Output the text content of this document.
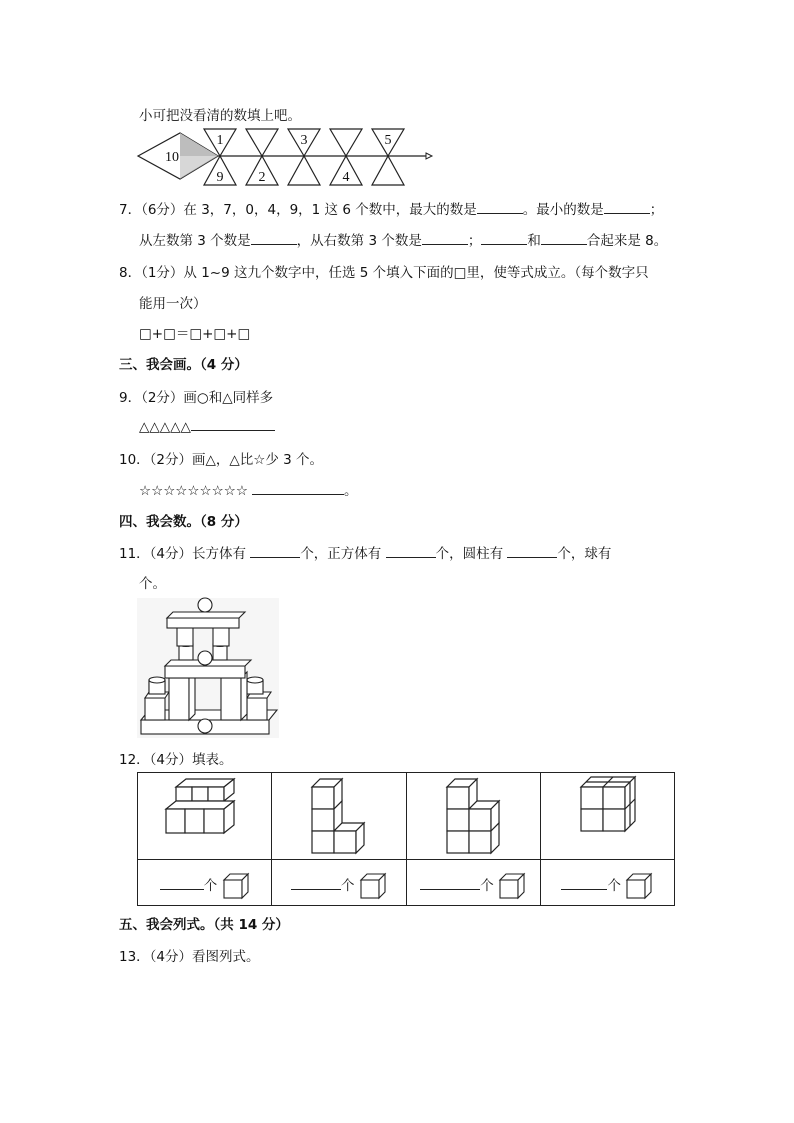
小可把没看清的数填上吧。
10
1	3	5
9	2	4
7．（6分）在 3，7，0，4，9，1 这 6 个数中，最大的数是	。最小的数是	；
从左数第 3 个数是	，从右数第 3 个数是	；	和	合起来是 8。
8．（1分）从 1~9 这九个数字中，任选 5 个填入下面的□里，使等式成立。（每个数字只
能用一次）
□+□＝□+□+□
三、我会画。（4 分）
9．（2分）画○和△同样多
△△△△△
10．（2分）画△，△比☆少 3 个。
☆☆☆☆☆☆☆☆☆	。
四、我会数。（8 分）
11．（4分）长方体有	个，正方体有	个，圆柱有	个，球有
个。
12．（4分）填表。

个	个	个	个
五、我会列式。（共 14 分）
13．（4分）看图列式。
